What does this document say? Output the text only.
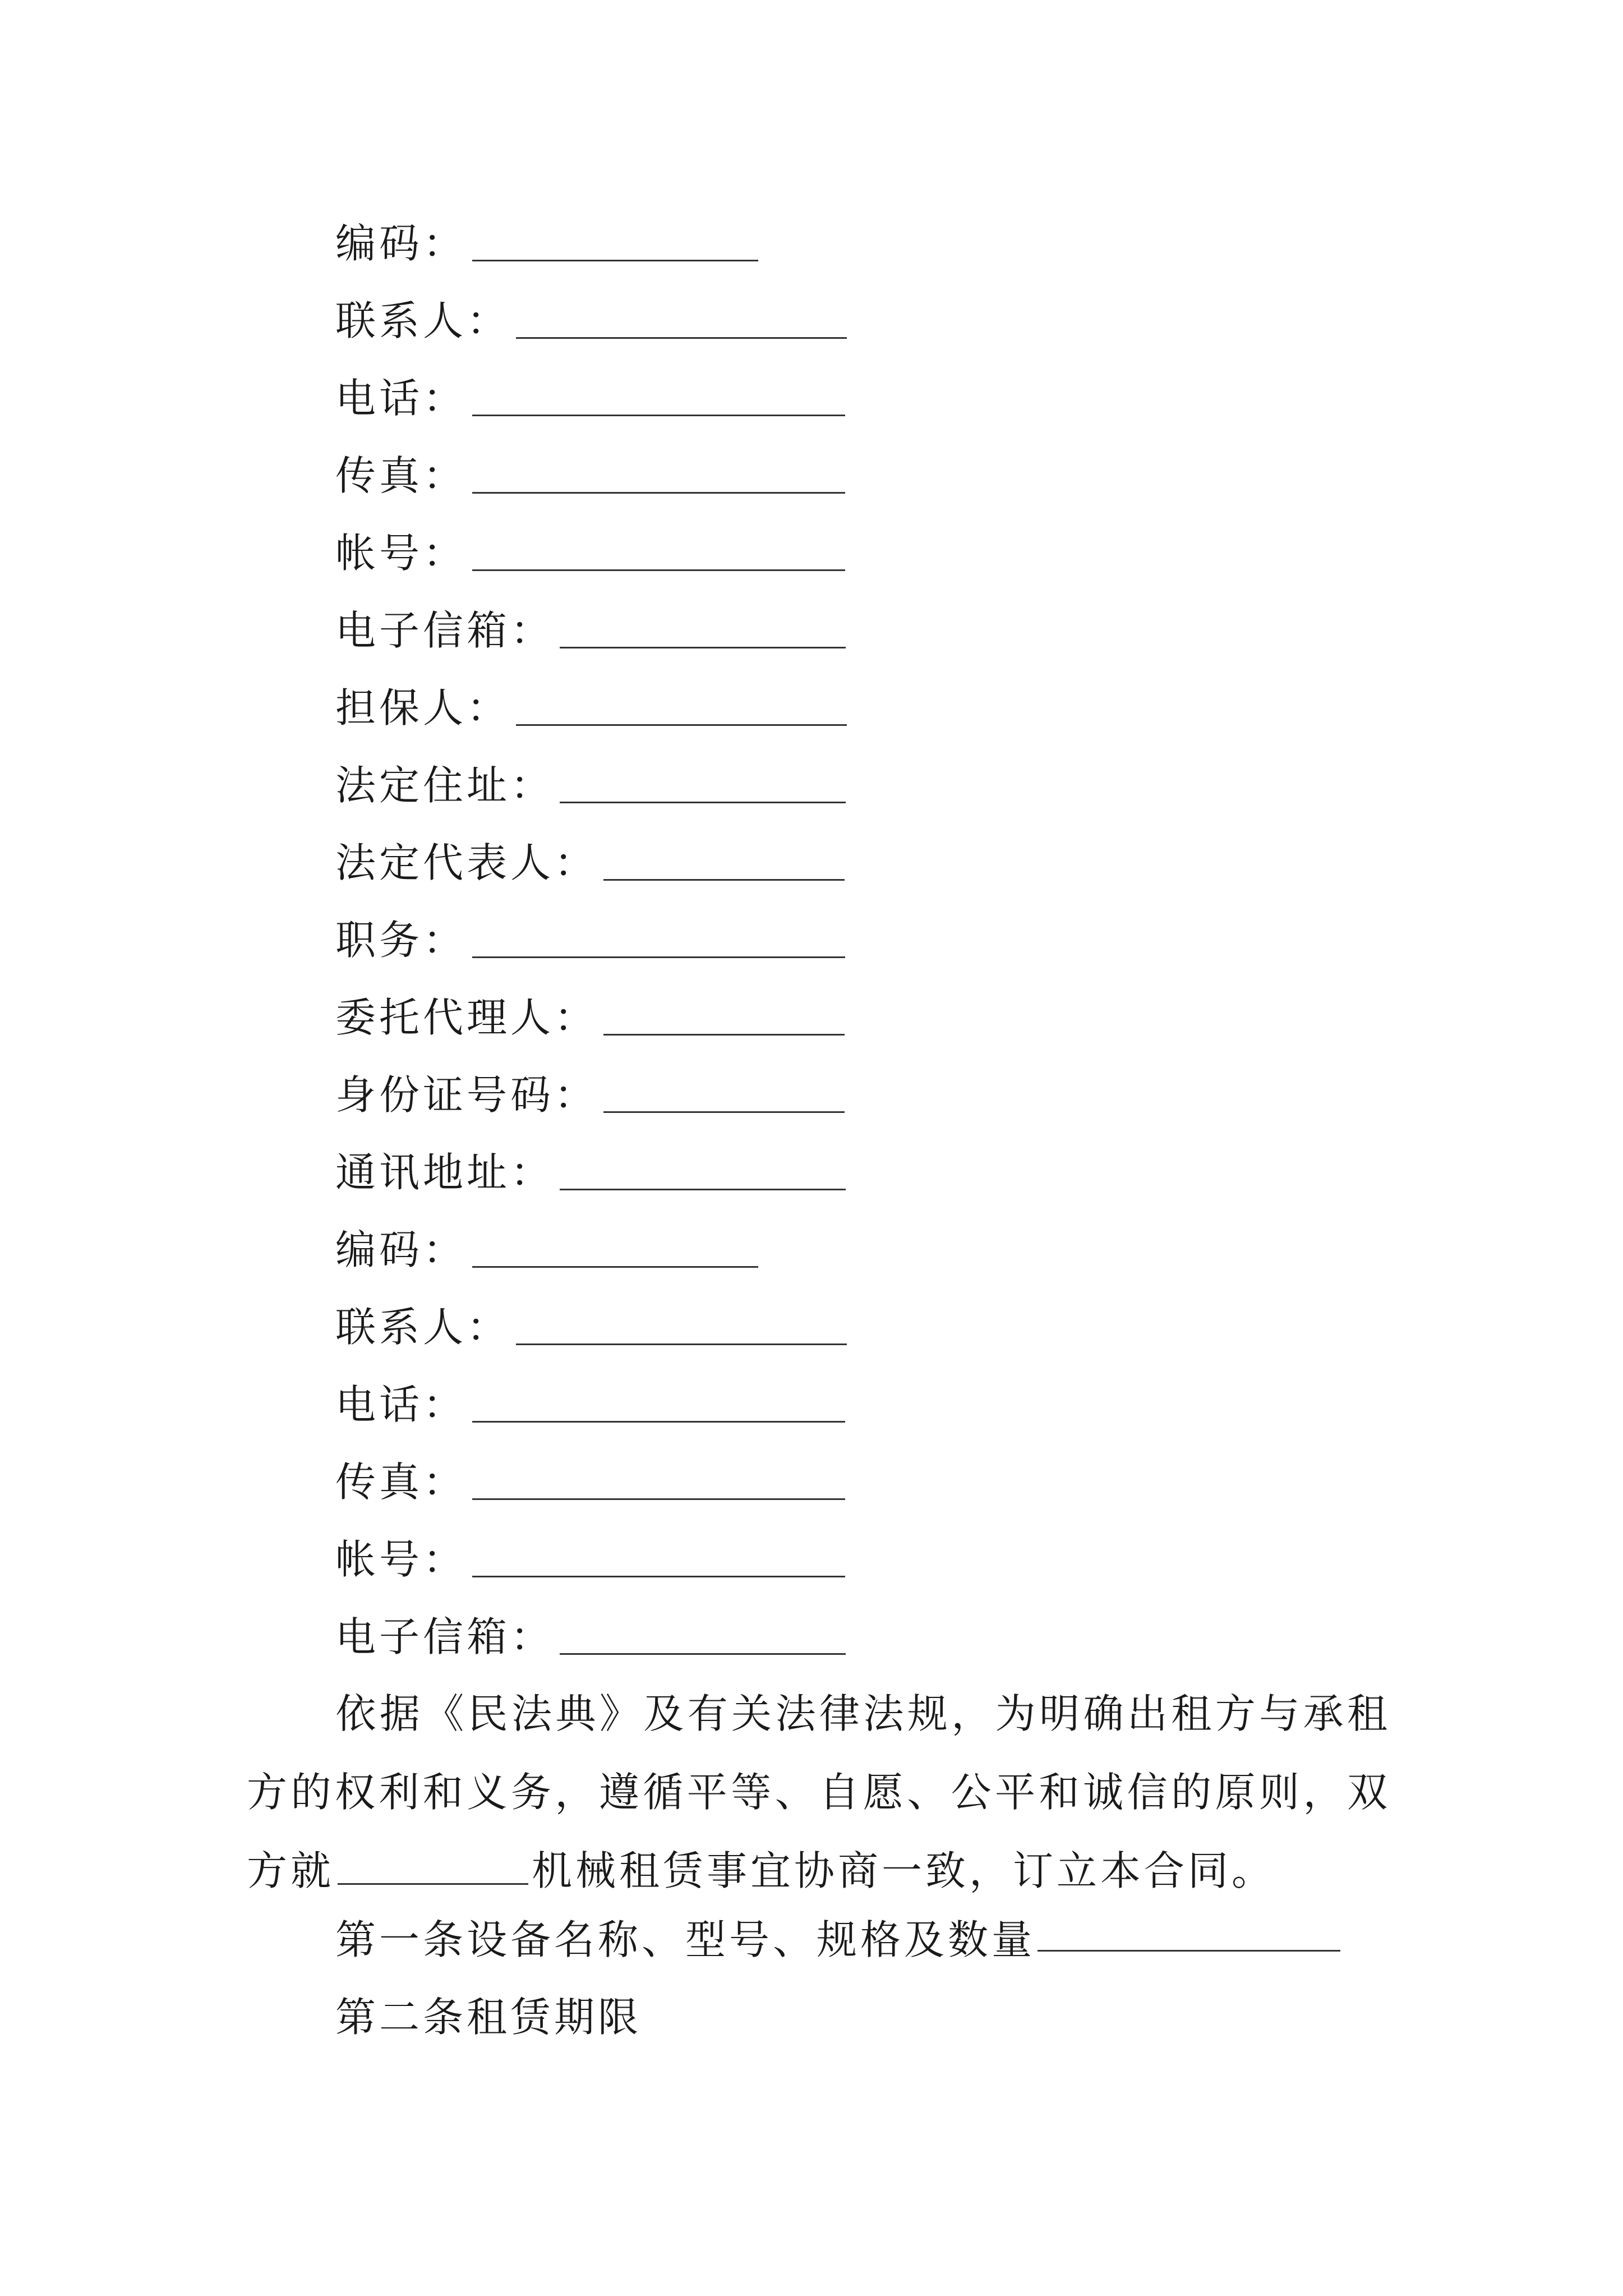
编码：
联系人：
电话：
传真：
帐号：
电子信箱：
担保人：
法定住址：
法定代表人：
职务：
委托代理人：
身份证号码：
通讯地址：
编码：
联系人：
电话：
传真：
帐号：
电子信箱：
依据《民法典》及有关法律法规，为明确出租方与承租方的权利和义务，遵循平等、自愿、公平和诚信的原则，双方就	机械租赁事宜协商一致，订立本合同。
第一条设备名称、型号、规格及数量
第二条租赁期限
